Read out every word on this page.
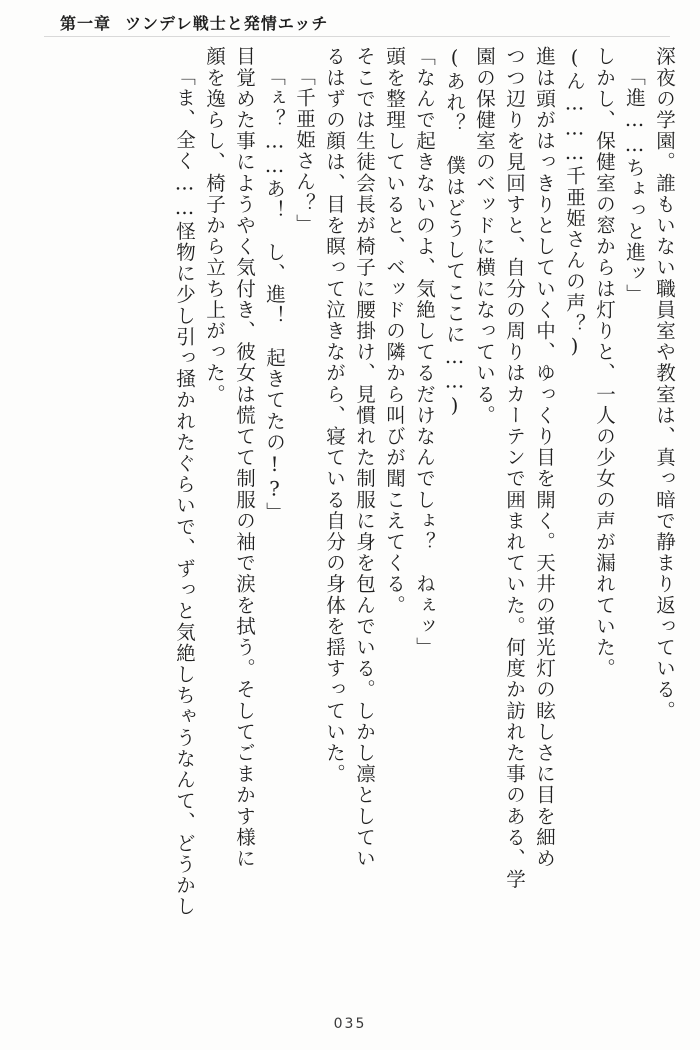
第一章 ツンデレ戦士と発情エッチ
深夜の学園。誰もいない職員室や教室は、真っ暗で静まり返っている。
「進……ちょっと進ッ」
しかし、保健室の窓からは灯りと、一人の少女の声が漏れていた。
(ん………千亜姫さんの声？)
進は頭がはっきりとしていく中、ゆっくり目を開く。天井の蛍光灯の眩しさに目を細め
つつ辺りを見回すと、自分の周りはカーテンで囲まれていた。何度か訪れた事のある、学
園の保健室のベッドに横になっている。
(あれ？　僕はどうしてここに……)
「なんで起きないのよ、気絶してるだけなんでしょ？　ねぇッ」
頭を整理していると、ベッドの隣から叫びが聞こえてくる。
そこでは生徒会長が椅子に腰掛け、見慣れた制服に身を包んでいる。しかし凛としてい
るはずの顔は、目を瞑って泣きながら、寝ている自分の身体を揺すっていた。
「千亜姫さん？」
「ぇ？……あ！　し、進！　起きてたの!?」
目覚めた事にようやく気付き、彼女は慌てて制服の袖で涙を拭う。そしてごまかす様に
顔を逸らし、椅子から立ち上がった。
「ま、全く……怪物に少し引っ掻かれたぐらいで、ずっと気絶しちゃうなんて、どうかし
035
